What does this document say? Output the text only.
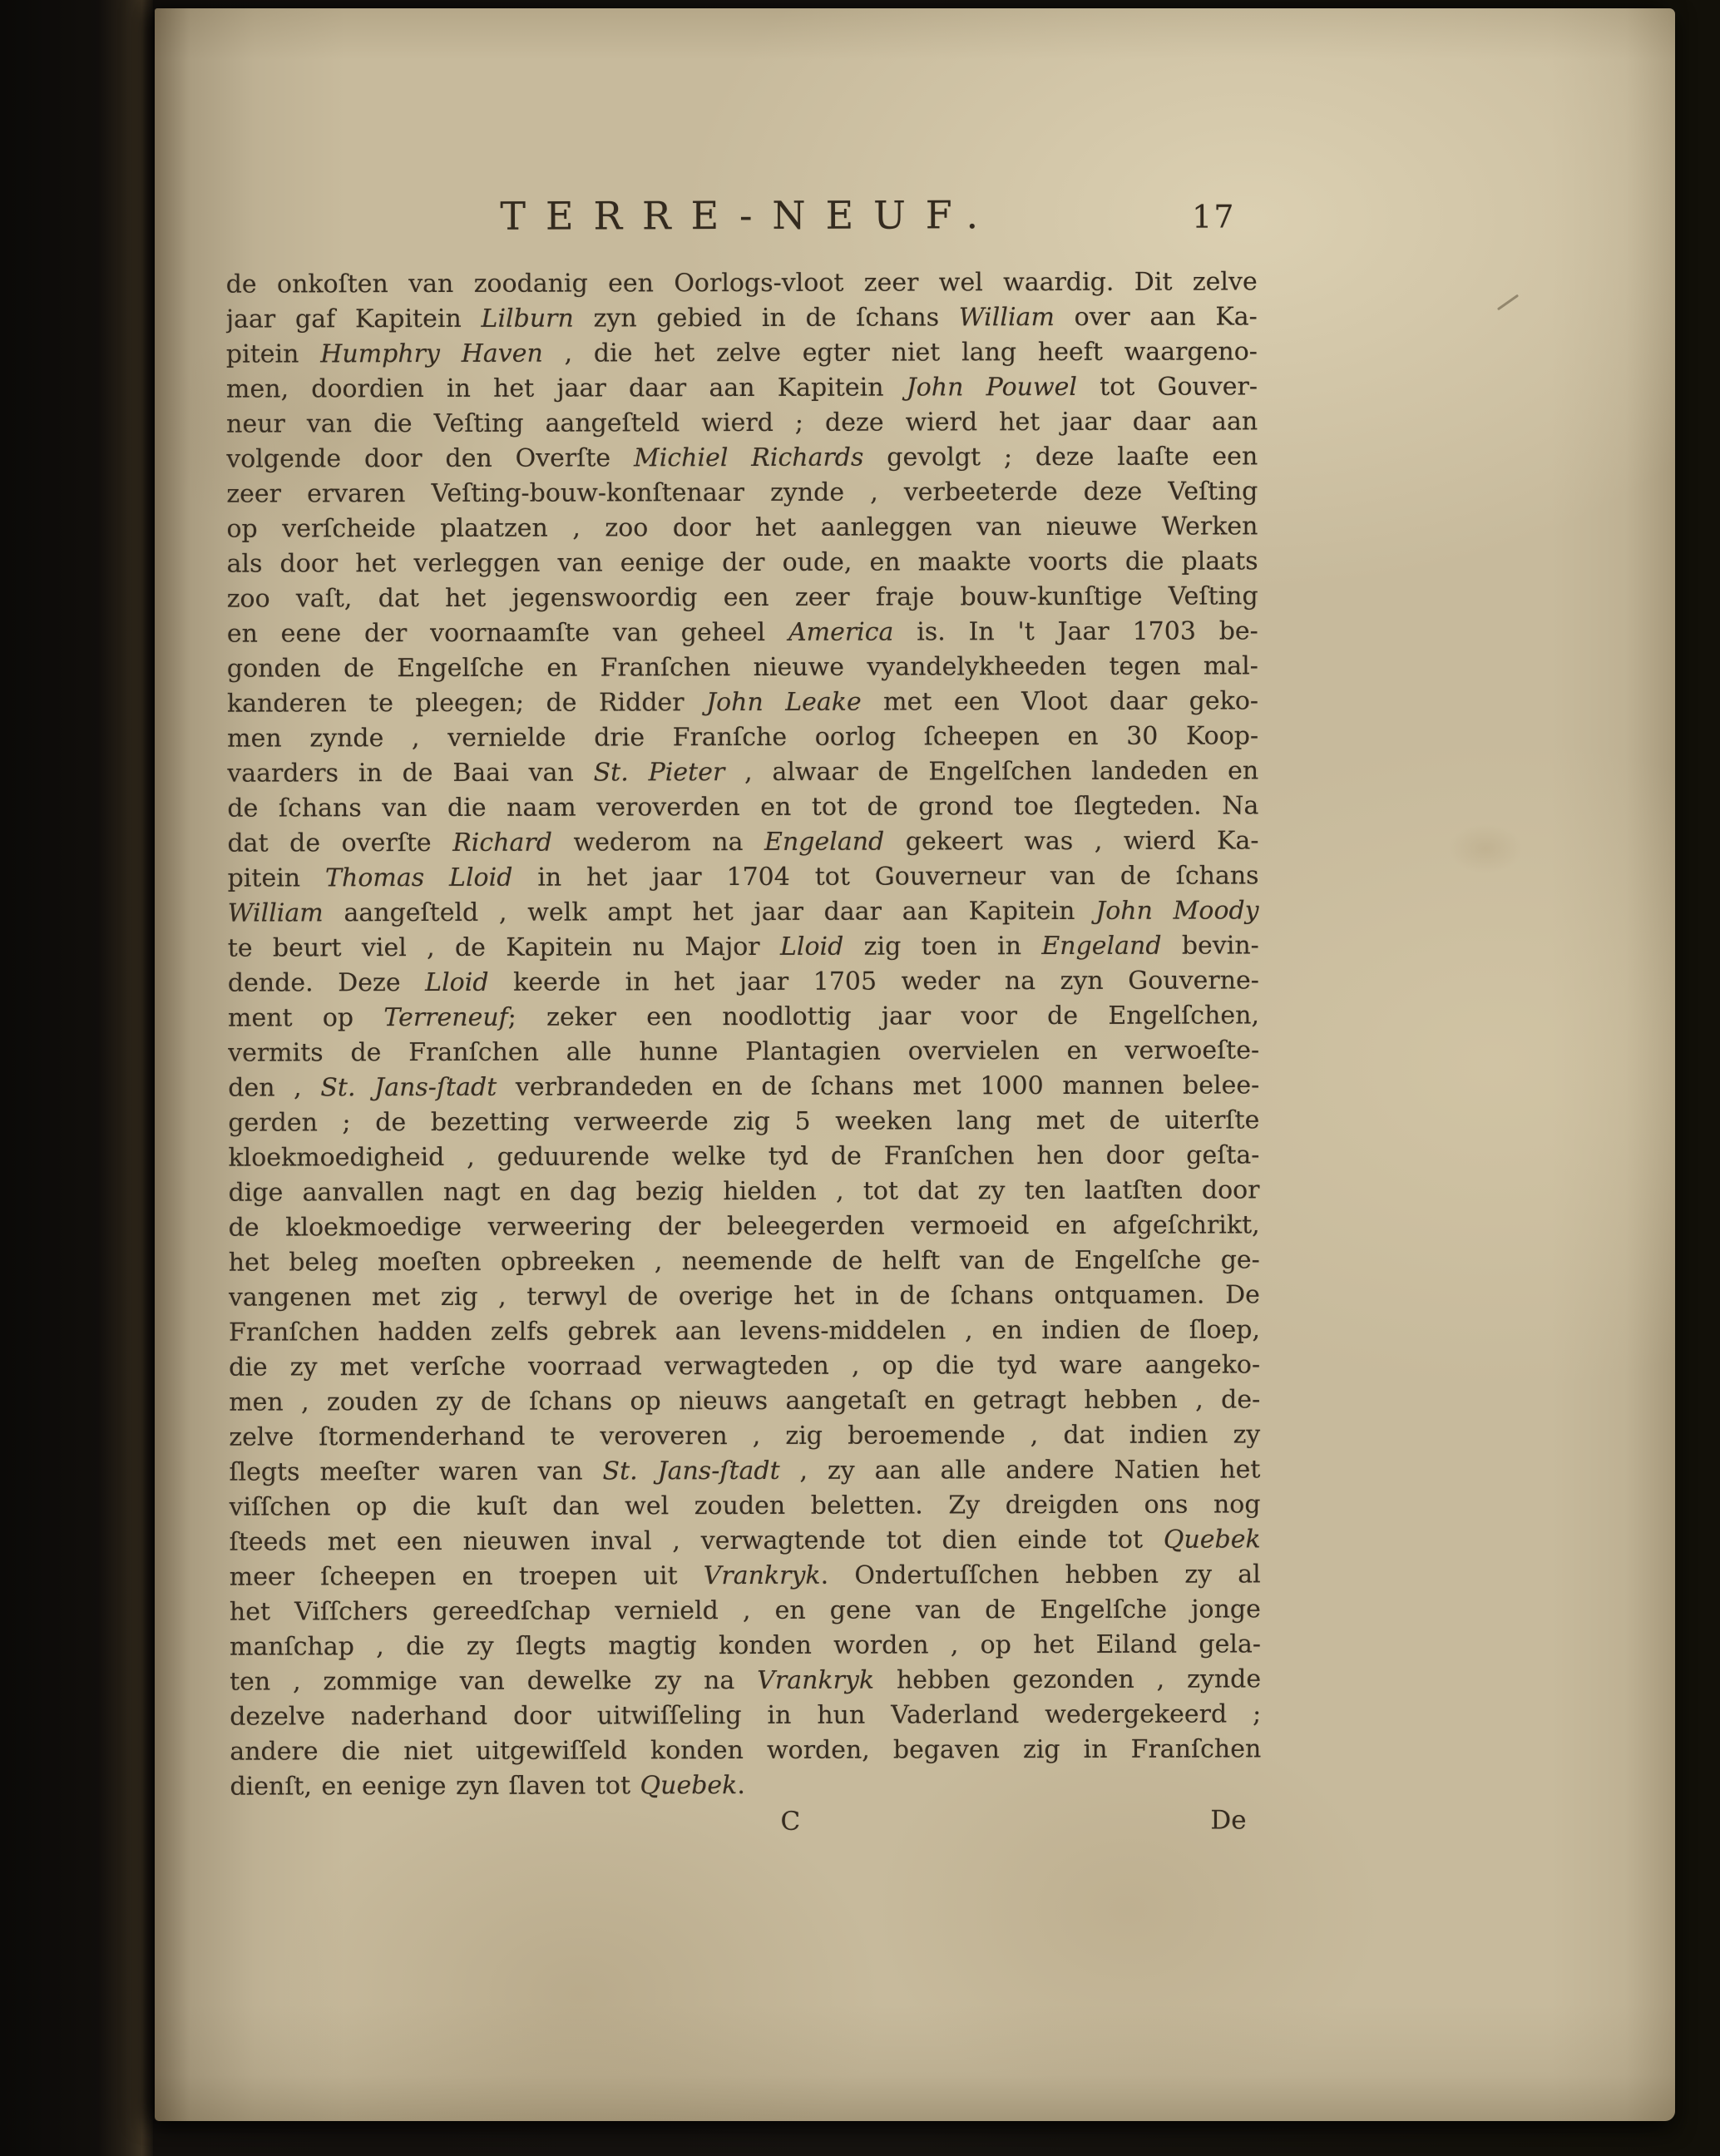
TERRE-NEUF.	17
de onkoſten van zoodanig een Oorlogs-vloot zeer wel waardig. Dit zelve
jaar gaf Kapitein Lilburn zyn gebied in de ſchans William over aan Ka-
pitein Humphry Haven , die het zelve egter niet lang heeft waargeno-
men, doordien in het jaar daar aan Kapitein John Pouwel tot Gouver-
neur van die Veſting aangeſteld wierd ; deze wierd het jaar daar aan
volgende door den Overſte Michiel Richards gevolgt ; deze laaſte een
zeer ervaren Veſting-bouw-konſtenaar zynde , verbeeterde deze Veſting
op verſcheide plaatzen , zoo door het aanleggen van nieuwe Werken
als door het verleggen van eenige der oude, en maakte voorts die plaats
zoo vaſt, dat het jegenswoordig een zeer fraje bouw-kunſtige Veſting
en eene der voornaamſte van geheel America is. In 't Jaar 1703 be-
gonden de Engelſche en Franſchen nieuwe vyandelykheeden tegen mal-
kanderen te pleegen; de Ridder John Leake met een Vloot daar geko-
men zynde , vernielde drie Franſche oorlog ſcheepen en 30 Koop-
vaarders in de Baai van St. Pieter , alwaar de Engelſchen landeden en
de ſchans van die naam veroverden en tot de grond toe ſlegteden. Na
dat de overſte Richard wederom na Engeland gekeert was , wierd Ka-
pitein Thomas Lloid in het jaar 1704 tot Gouverneur van de ſchans
William aangeſteld , welk ampt het jaar daar aan Kapitein John Moody
te beurt viel , de Kapitein nu Major Lloid zig toen in Engeland bevin-
dende. Deze Lloid keerde in het jaar 1705 weder na zyn Gouverne-
ment op Terreneuf; zeker een noodlottig jaar voor de Engelſchen,
vermits de Franſchen alle hunne Plantagien overvielen en verwoeſte-
den , St. Jans-ſtadt verbrandeden en de ſchans met 1000 mannen belee-
gerden ; de bezetting verweerde zig 5 weeken lang met de uiterſte
kloekmoedigheid , geduurende welke tyd de Franſchen hen door geſta-
dige aanvallen nagt en dag bezig hielden , tot dat zy ten laatſten door
de kloekmoedige verweering der beleegerden vermoeid en afgeſchrikt,
het beleg moeſten opbreeken , neemende de helft van de Engelſche ge-
vangenen met zig , terwyl de overige het in de ſchans ontquamen. De
Franſchen hadden zelfs gebrek aan levens-middelen , en indien de ſloep,
die zy met verſche voorraad verwagteden , op die tyd ware aangeko-
men , zouden zy de ſchans op nieuws aangetaſt en getragt hebben , de-
zelve ſtormenderhand te veroveren , zig beroemende , dat indien zy
ſlegts meeſter waren van St. Jans-ſtadt , zy aan alle andere Natien het
viſſchen op die kuſt dan wel zouden beletten. Zy dreigden ons nog
ſteeds met een nieuwen inval , verwagtende tot dien einde tot Quebek
meer ſcheepen en troepen uit Vrankryk. Ondertuſſchen hebben zy al
het Viſſchers gereedſchap vernield , en gene van de Engelſche jonge
manſchap , die zy ſlegts magtig konden worden , op het Eiland gela-
ten , zommige van dewelke zy na Vrankryk hebben gezonden , zynde
dezelve naderhand door uitwiſſeling in hun Vaderland wedergekeerd ;
andere die niet uitgewiſſeld konden worden, begaven zig in Franſchen
dienſt, en eenige zyn ſlaven tot Quebek.
C	De
